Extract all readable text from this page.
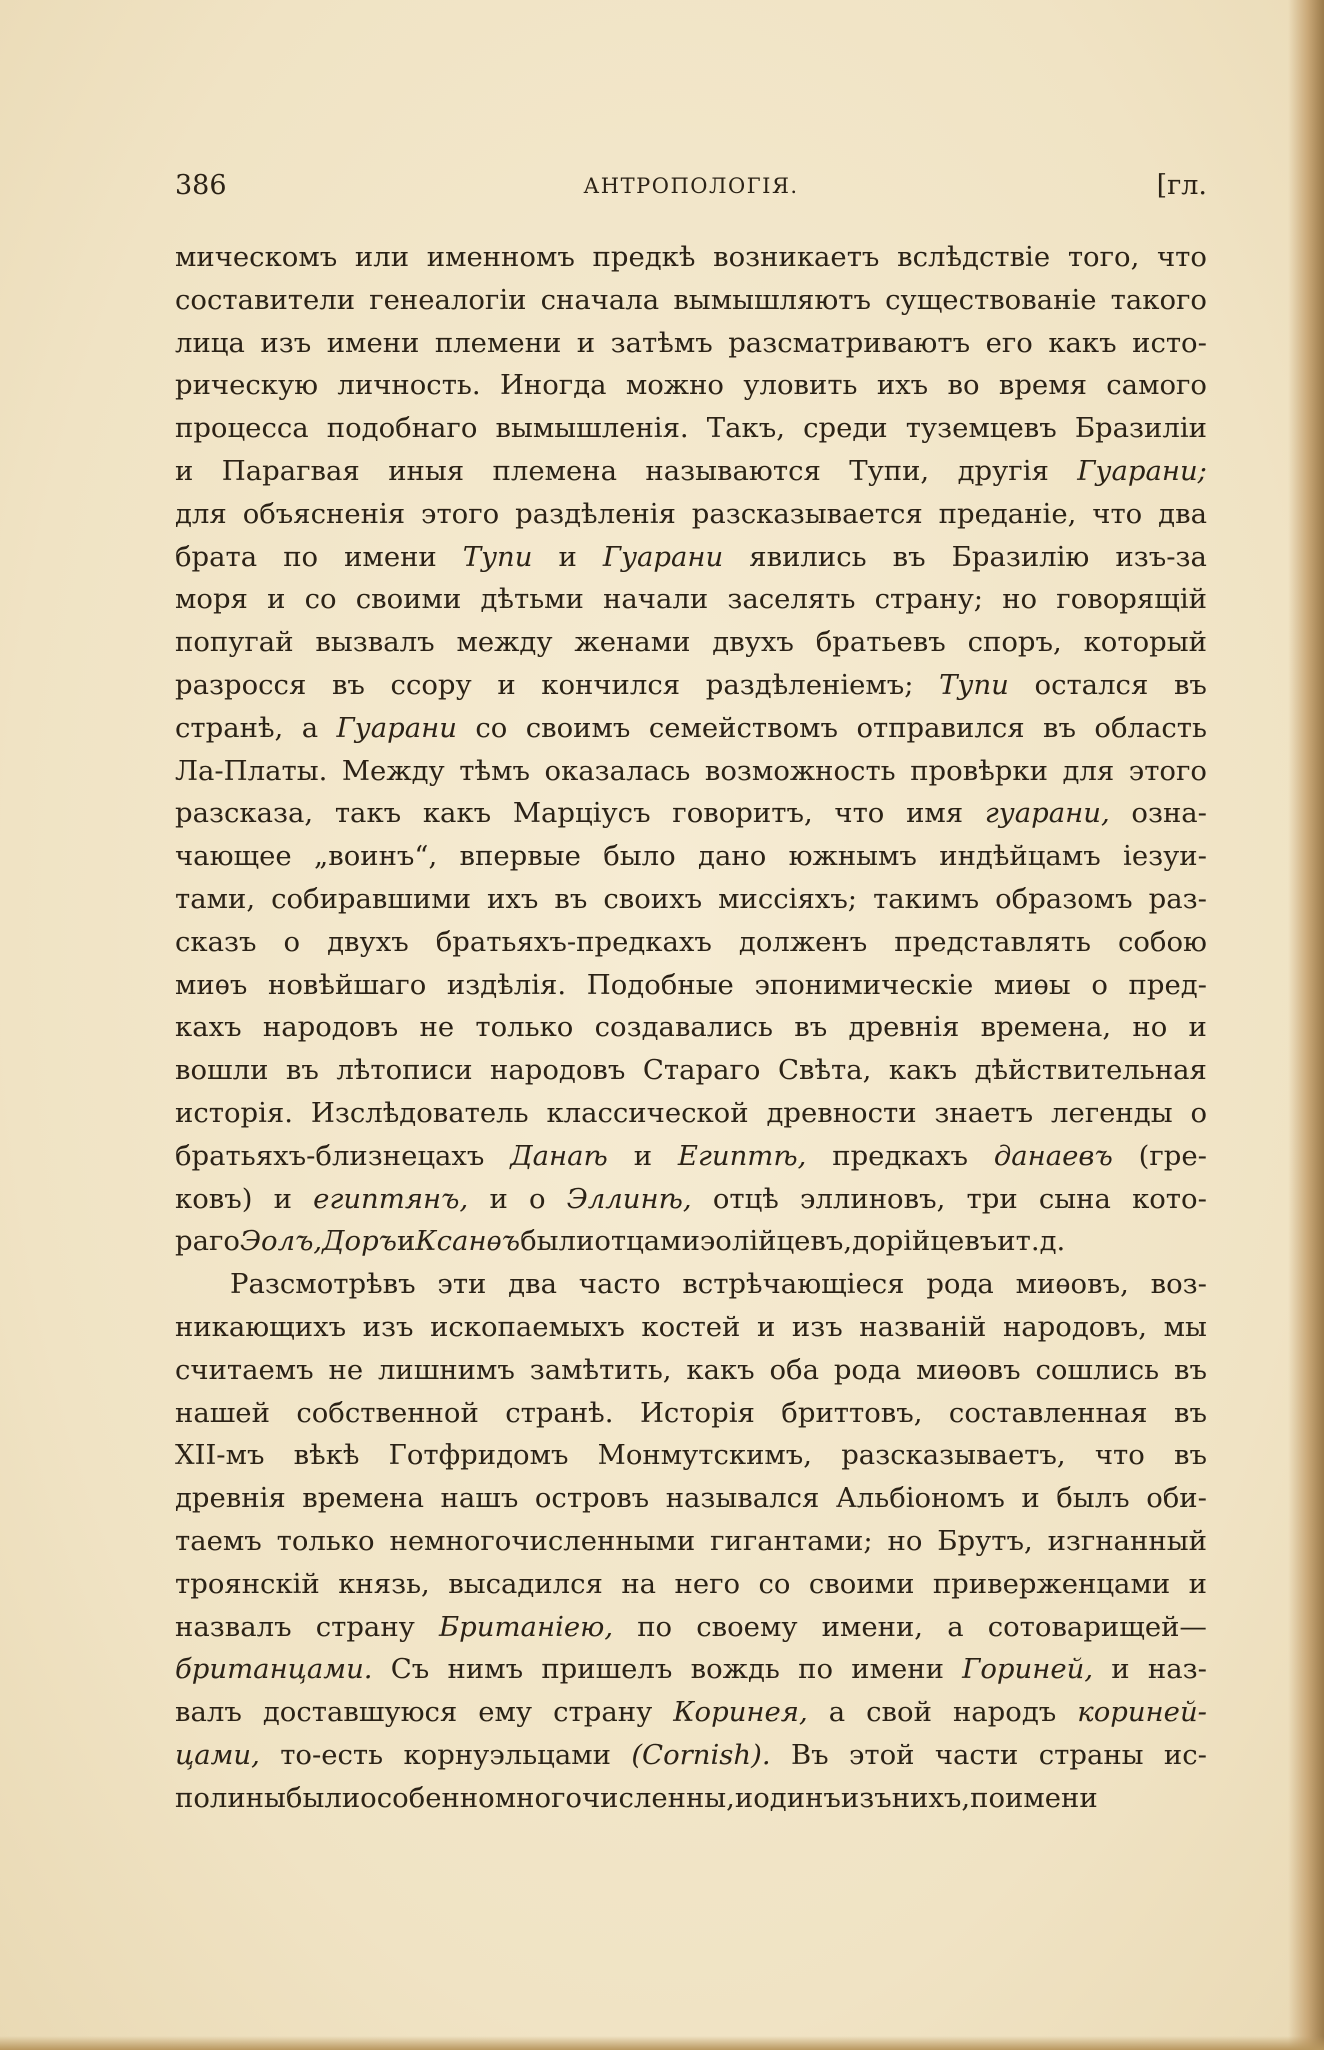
386	АНТРОПОЛОГІЯ.	[гл.
мическомъ или именномъ предкѣ возникаетъ вслѣдствіе того, что
составители генеалогіи сначала вымышляютъ существованіе такого
лица изъ имени племени и затѣмъ разсматриваютъ его какъ исто-
рическую личность. Иногда можно уловить ихъ во время самого
процесса подобнаго вымышленія. Такъ, среди туземцевъ Бразиліи
и Парагвая иныя племена называются Тупи, другія Гуарани;
для объясненія этого раздѣленія разсказывается преданіе, что два
брата по имени Тупи и Гуарани явились въ Бразилію изъ-за
моря и со своими дѣтьми начали заселять страну; но говорящій
попугай вызвалъ между женами двухъ братьевъ споръ, который
разросся въ ссору и кончился раздѣленіемъ; Тупи остался въ
странѣ, а Гуарани со своимъ семействомъ отправился въ область
Ла-Платы. Между тѣмъ оказалась возможность провѣрки для этого
разсказа, такъ какъ Марціусъ говоритъ, что имя гуарани, озна-
чающее „воинъ“, впервые было дано южнымъ индѣйцамъ іезуи-
тами, собиравшими ихъ въ своихъ миссіяхъ; такимъ образомъ раз-
сказъ о двухъ братьяхъ-предкахъ долженъ представлять собою
миѳъ новѣйшаго издѣлія. Подобные эпонимическіе миѳы о пред-
кахъ народовъ не только создавались въ древнія времена, но и
вошли въ лѣтописи народовъ Стараго Свѣта, какъ дѣйствительная
исторія. Изслѣдователь классической древности знаетъ легенды о
братьяхъ-близнецахъ Данаѣ и Египтѣ, предкахъ данаевъ (гре-
ковъ) и египтянъ, и о Эллинѣ, отцѣ эллиновъ, три сына кото-
раго Эолъ, Доръ и Ксанѳъ были отцами эолійцевъ, дорійцевъ и т. д.
Разсмотрѣвъ эти два часто встрѣчающіеся рода миѳовъ, воз-
никающихъ изъ ископаемыхъ костей и изъ названій народовъ, мы
считаемъ не лишнимъ замѣтить, какъ оба рода миѳовъ сошлись въ
нашей собственной странѣ. Исторія бриттовъ, составленная въ
XII-мъ вѣкѣ Готфридомъ Монмутскимъ, разсказываетъ, что въ
древнія времена нашъ островъ назывался Альбіономъ и былъ оби-
таемъ только немногочисленными гигантами; но Брутъ, изгнанный
троянскій князь, высадился на него со своими приверженцами и
назвалъ страну Британіею, по своему имени, а сотоварищей—
британцами. Съ нимъ пришелъ вождь по имени Гориней, и наз-
валъ доставшуюся ему страну Коринея, а свой народъ кориней-
цами, то-есть корнуэльцами (Cornish). Въ этой части страны ис-
полины были особенно многочисленны, и одинъ изъ нихъ, по имени
